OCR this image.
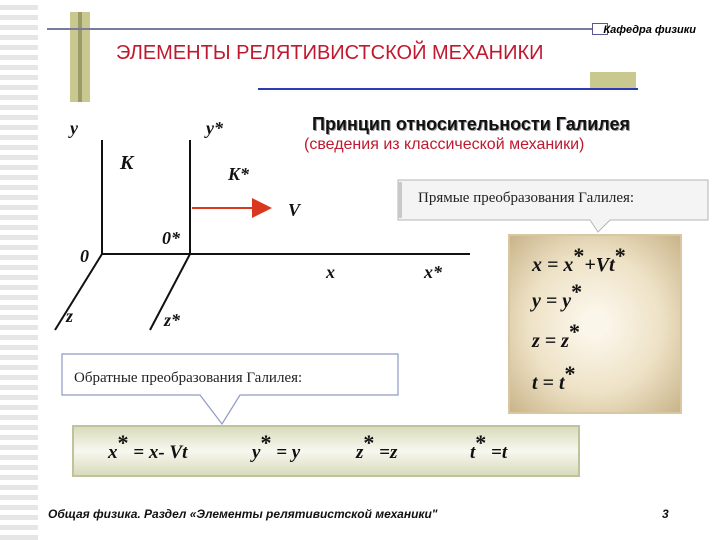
ЭЛЕМЕНТЫ РЕЛЯТИВИСТСКОЙ МЕХАНИКИ
Кафедра физики
Принцип относительности Галилея
(сведения из классической механики)
y	y*
K	K*
V
0
0*
x	x*
z	z*
Прямые преобразования Галилея:
x = x*+Vt*
y = y*
z = z*
t = t*
Обратные преобразования Галилея:
x* = x- Vt	y* = y	z* =z	t* =t
Общая физика. Раздел «Элементы релятивистской механики"	3
